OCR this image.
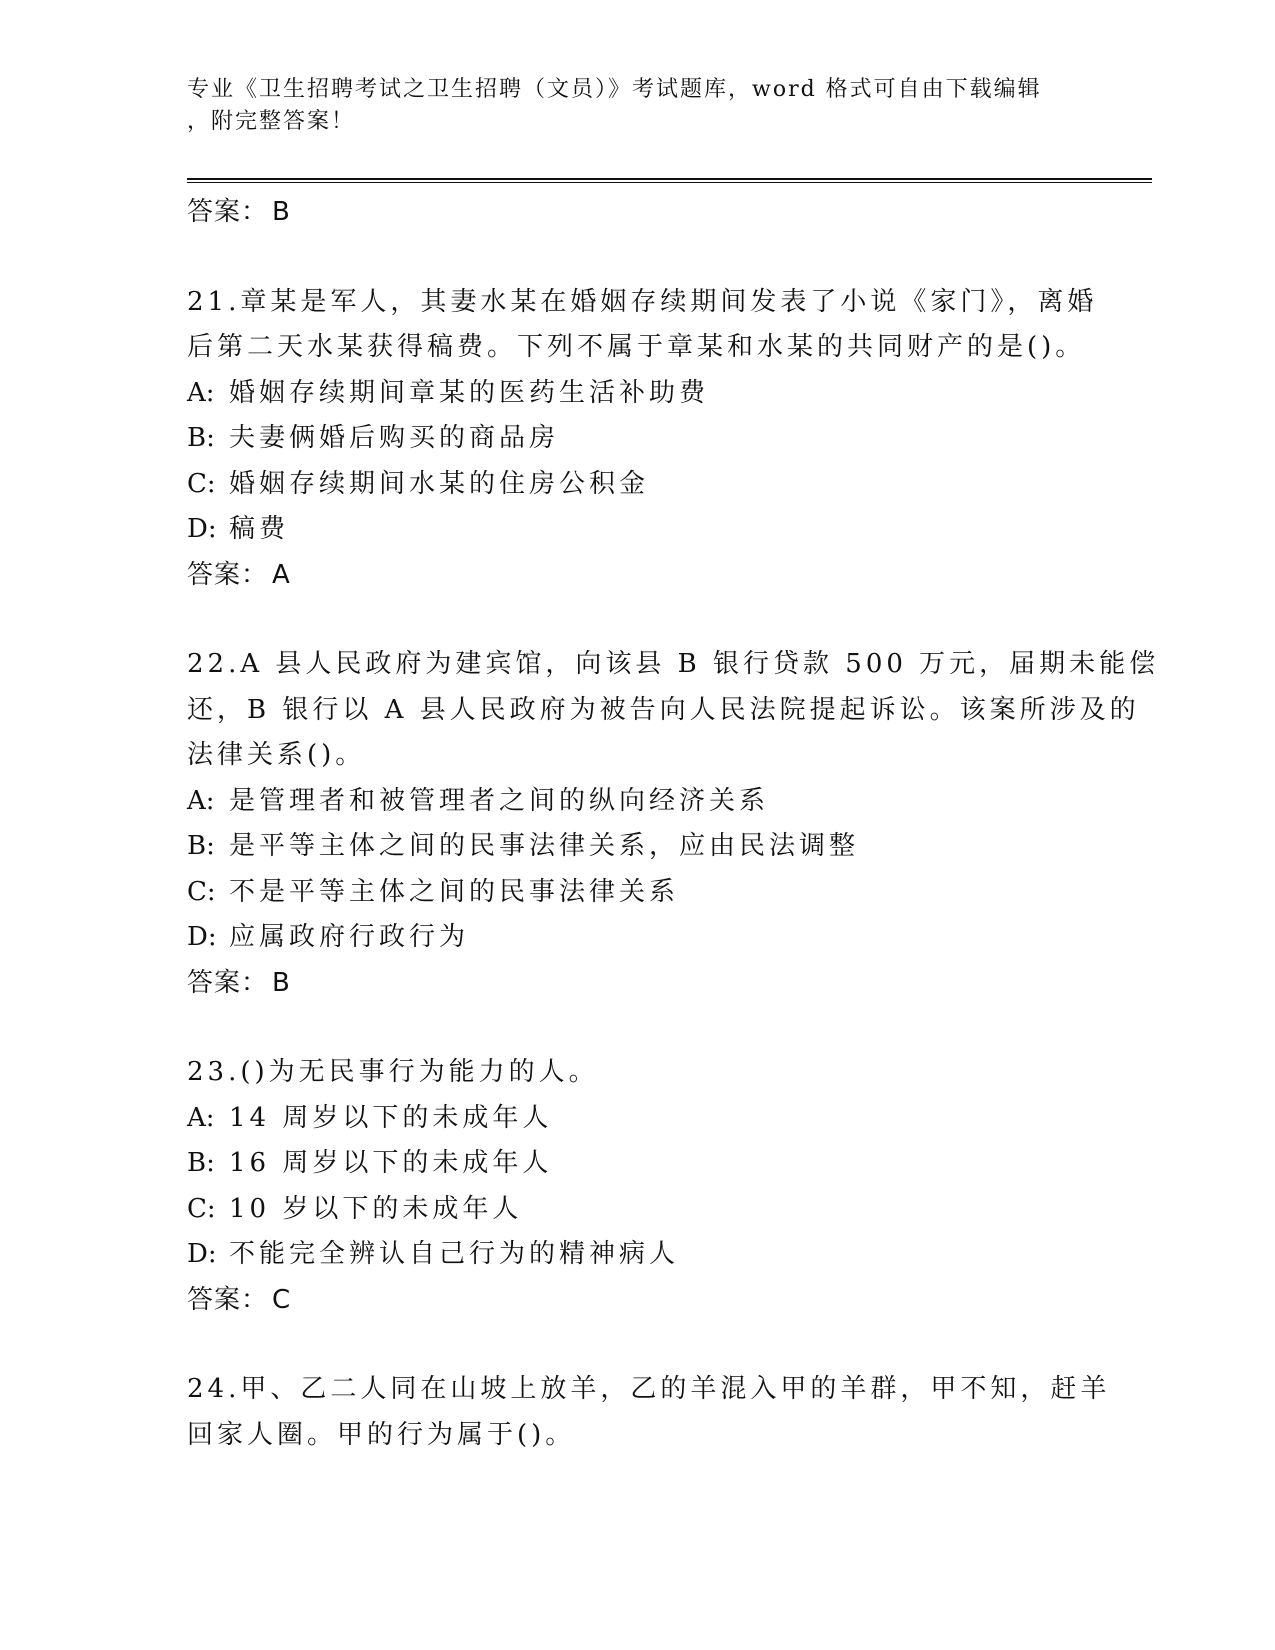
专业《卫生招聘考试之卫生招聘（文员）》考试题库，word 格式可自由下载编辑
，附完整答案！
答案： B
21.章某是军人，其妻水某在婚姻存续期间发表了小说《家门》，离婚
后第二天水某获得稿费。下列不属于章某和水某的共同财产的是()。
A: 婚姻存续期间章某的医药生活补助费
B: 夫妻俩婚后购买的商品房
C: 婚姻存续期间水某的住房公积金
D: 稿费
答案： A
22.A 县人民政府为建宾馆，向该县 B 银行贷款 500 万元，届期未能偿
还，B 银行以 A 县人民政府为被告向人民法院提起诉讼。该案所涉及的
法律关系()。
A: 是管理者和被管理者之间的纵向经济关系
B: 是平等主体之间的民事法律关系，应由民法调整
C: 不是平等主体之间的民事法律关系
D: 应属政府行政行为
答案： B
23.()为无民事行为能力的人。
A: 14 周岁以下的未成年人
B: 16 周岁以下的未成年人
C: 10 岁以下的未成年人
D: 不能完全辨认自己行为的精神病人
答案： C
24.甲、乙二人同在山坡上放羊，乙的羊混入甲的羊群，甲不知，赶羊
回家人圈。甲的行为属于()。
